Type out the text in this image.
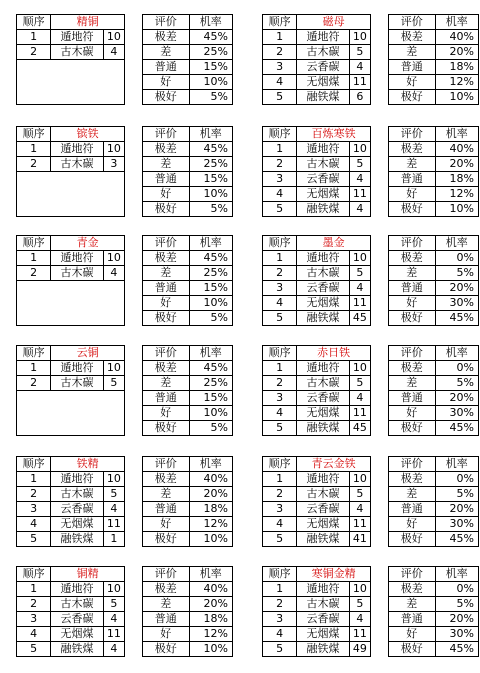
顺序	精铜	
1	遁地符	10
2	古木碳	4

评价	机率
极差	45%
差	25%
普通	15%
好	10%
极好	5%
顺序	磁母	
1	遁地符	10
2	古木碳	5
3	云香碳	4
4	无烟煤	11
5	融铁煤	6
评价	机率
极差	40%
差	20%
普通	18%
好	12%
极好	10%
顺序	镔铁	
1	遁地符	10
2	古木碳	3

评价	机率
极差	45%
差	25%
普通	15%
好	10%
极好	5%
顺序	百炼寒铁	
1	遁地符	10
2	古木碳	5
3	云香碳	4
4	无烟煤	11
5	融铁煤	4
评价	机率
极差	40%
差	20%
普通	18%
好	12%
极好	10%
顺序	青金	
1	遁地符	10
2	古木碳	4

评价	机率
极差	45%
差	25%
普通	15%
好	10%
极好	5%
顺序	墨金	
1	遁地符	10
2	古木碳	5
3	云香碳	4
4	无烟煤	11
5	融铁煤	45
评价	机率
极差	0%
差	5%
普通	20%
好	30%
极好	45%
顺序	云铜	
1	遁地符	10
2	古木碳	5

评价	机率
极差	45%
差	25%
普通	15%
好	10%
极好	5%
顺序	赤日铁	
1	遁地符	10
2	古木碳	5
3	云香碳	4
4	无烟煤	11
5	融铁煤	45
评价	机率
极差	0%
差	5%
普通	20%
好	30%
极好	45%
顺序	铁精	
1	遁地符	10
2	古木碳	5
3	云香碳	4
4	无烟煤	11
5	融铁煤	1
评价	机率
极差	40%
差	20%
普通	18%
好	12%
极好	10%
顺序	青云金铁	
1	遁地符	10
2	古木碳	5
3	云香碳	4
4	无烟煤	11
5	融铁煤	41
评价	机率
极差	0%
差	5%
普通	20%
好	30%
极好	45%
顺序	铜精	
1	遁地符	10
2	古木碳	5
3	云香碳	4
4	无烟煤	11
5	融铁煤	4
评价	机率
极差	40%
差	20%
普通	18%
好	12%
极好	10%
顺序	寒铜金精	
1	遁地符	10
2	古木碳	5
3	云香碳	4
4	无烟煤	11
5	融铁煤	49
评价	机率
极差	0%
差	5%
普通	20%
好	30%
极好	45%
